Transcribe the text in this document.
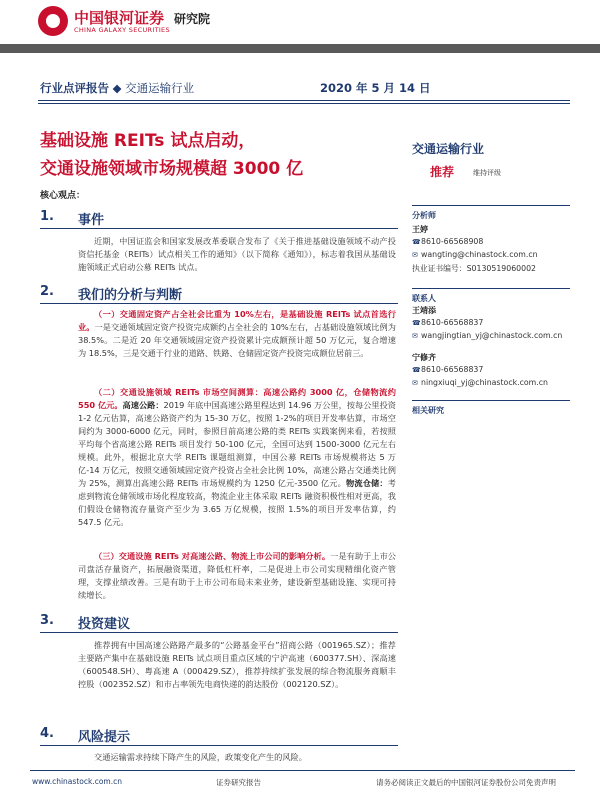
中国银河证券
CHINA GALAXY SECURITIES
研究院
行业点评报告 ◆ 交通运输行业	2020 年 5 月 14 日
基础设施 REITs 试点启动，
交通设施领域市场规模超 3000 亿
核心观点：
1. 事件
近期，中国证监会和国家发展改革委联合发布了《关于推进基础设施领域不动产投资信托基金（REITs）试点相关工作的通知》（以下简称《通知》），标志着我国从基础设施领域正式启动公募 REITs 试点。
2. 我们的分析与判断
（一）交通固定资产占全社会比重为 10%左右，是基础设施 REITs 试点首选行业。一是交通领域固定资产投资完成额约占全社会的 10%左右，占基础设施领域比例为 38.5%。二是近 20 年交通领域固定资产投资累计完成额预计超 50 万亿元，复合增速为 18.5%，三是交通于行业的道路、铁路、仓储固定资产投资完成额位居前三。
（二）交通设施领域 REITs 市场空间测算：高速公路约 3000 亿，仓储物流约 550 亿元。高速公路：2019 年底中国高速公路里程达到 14.96 万公里，按每公里投资 1-2 亿元估算，高速公路资产约为 15-30 万亿，按照 1-2%的项目开发率估算，市场空间约为 3000-6000 亿元，同时，参照目前高速公路的类 REITs 实践案例来看，若按照平均每个省高速公路 REITs 项目发行 50-100 亿元，全国可达到 1500-3000 亿元左右规模。此外，根据北京大学 REITs 课题组测算，中国公募 REITs 市场规模将达 5 万亿-14 万亿元，按照交通领域固定资产投资占全社会比例 10%，高速公路占交通类比例为 25%，测算出高速公路 REITs 市场规模约为 1250 亿元-3500 亿元。物流仓储：考虑到物流仓储领域市场化程度较高，物流企业主体采取 REITs 融资积极性相对更高，我们假设仓储物流存量资产至少为 3.65 万亿规模，按照 1.5%的项目开发率估算，约 547.5 亿元。
（三）交通设施 REITs 对高速公路、物流上市公司的影响分析。一是有助于上市公司盘活存量资产，拓展融资渠道，降低杠杆率，二是促进上市公司实现精细化资产管理，支撑业绩改善。三是有助于上市公司布局未来业务，建设新型基础设施、实现可持续增长。
3. 投资建议
推荐拥有中国高速公路路产最多的“公路基金平台”招商公路（001965.SZ）；推荐主要路产集中在基础设施 REITs 试点项目重点区域的宁沪高速（600377.SH）、深高速（600548.SH）、粤高速 A（000429.SZ），推荐持续扩张发展的综合物流服务商顺丰控股（002352.SZ）和市占率领先电商快递的韵达股份（002120.SZ）。
4. 风险提示
交通运输需求持续下降产生的风险，政策变化产生的风险。
交通运输行业
推荐	维持评级
分析师
王婷
☎8610-66568908
✉ wangting@chinastock.com.cn
执业证书编号：S0130519060002
联系人
王靖添
☎8610-66568837
✉ wangjingtian_yj@chinastock.com.cn
宁修齐
☎8610-66568837
✉ ningxiuqi_yj@chinastock.com.cn
相关研究
www.chinastock.com.cn	证券研究报告	请务必阅读正文最后的中国银河证券股份公司免责声明
